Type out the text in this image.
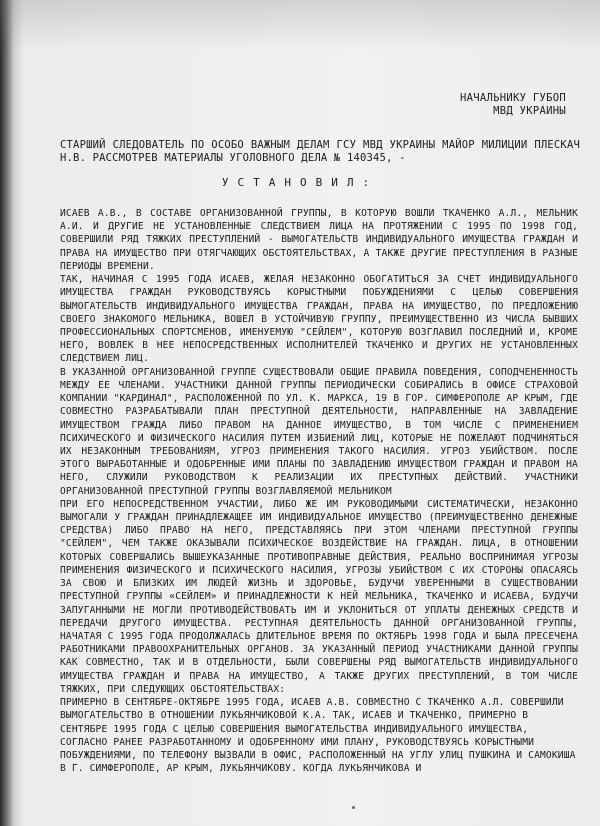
НАЧАЛЬНИКУ ГУБОП
МВД УКРАИНЫ
СТАРШИЙ СЛЕДОВАТЕЛЬ ПО ОСОБО ВАЖНЫМ ДЕЛАМ ГСУ МВД УКРАИНЫ МАЙОР МИЛИЦИИ ПЛЕСКАЧ Н.В. РАССМОТРЕВ МАТЕРИАЛЫ УГОЛОВНОГО ДЕЛА № 140345, -
УСТАНОВИЛ:

ИСАЕВ А.В., В СОСТАВЕ ОРГАНИЗОВАННОЙ ГРУППЫ, В КОТОРУЮ ВОШЛИ ТКАЧЕНКО А.Л., МЕЛЬНИК А.И. И ДРУГИЕ НЕ УСТАНОВЛЕННЫЕ СЛЕДСТВИЕМ ЛИЦА НА ПРОТЯЖЕНИИ С 1995 ПО 1998 ГОД, СОВЕРШИЛИ РЯД ТЯЖКИХ ПРЕСТУПЛЕНИЙ - ВЫМОГАТЕЛЬСТВ ИНДИВИДУАЛЬНОГО ИМУЩЕСТВА ГРАЖДАН И ПРАВА НА ИМУЩЕСТВО ПРИ ОТЯГЧАЮЩИХ ОБСТОЯТЕЛЬСТВАХ, А ТАКЖЕ ДРУГИЕ ПРЕСТУПЛЕНИЯ В РАЗНЫЕ ПЕРИОДЫ ВРЕМЕНИ.

ТАК, НАЧИНАЯ С 1995 ГОДА ИСАЕВ, ЖЕЛАЯ НЕЗАКОННО ОБОГАТИТЬСЯ ЗА СЧЕТ ИНДИВИДУАЛЬНОГО ИМУЩЕСТВА ГРАЖДАН РУКОВОДСТВУЯСЬ КОРЫСТНЫМИ ПОБУЖДЕНИЯМИ С ЦЕЛЬЮ СОВЕРШЕНИЯ ВЫМОГАТЕЛЬСТВ ИНДИВИДУАЛЬНОГО ИМУЩЕСТВА ГРАЖДАН, ПРАВА НА ИМУЩЕСТВО, ПО ПРЕДЛОЖЕНИЮ СВОЕГО ЗНАКОМОГО МЕЛЬНИКА, ВОШЕЛ В УСТОЙЧИВУЮ ГРУППУ, ПРЕИМУЩЕСТВЕННО ИЗ ЧИСЛА БЫВШИХ ПРОФЕССИОНАЛЬНЫХ СПОРТСМЕНОВ, ИМЕНУЕМУЮ "СЕЙЛЕМ", КОТОРУЮ ВОЗГЛАВИЛ ПОСЛЕДНИЙ И, КРОМЕ НЕГО, ВОВЛЕК В НЕЕ НЕПОСРЕДСТВЕННЫХ ИСПОЛНИТЕЛЕЙ ТКАЧЕНКО И ДРУГИХ НЕ УСТАНОВЛЕННЫХ СЛЕДСТВИЕМ ЛИЦ.

В УКАЗАННОЙ ОРГАНИЗОВАННОЙ ГРУППЕ СУЩЕСТВОВАЛИ ОБЩИЕ ПРАВИЛА ПОВЕДЕНИЯ, СОПОДЧЕНЕННОСТЬ МЕЖДУ ЕЕ ЧЛЕНАМИ. УЧАСТНИКИ ДАННОЙ ГРУППЫ ПЕРИОДИЧЕСКИ СОБИРАЛИСЬ В ОФИСЕ СТРАХОВОЙ КОМПАНИИ "КАРДИНАЛ", РАСПОЛОЖЕННОЙ ПО УЛ. К. МАРКСА, 19 В ГОР. СИМФЕРОПОЛЕ АР КРЫМ, ГДЕ СОВМЕСТНО РАЗРАБАТЫВАЛИ ПЛАН ПРЕСТУПНОЙ ДЕЯТЕЛЬНОСТИ, НАПРАВЛЕННЫЕ НА ЗАВЛАДЕНИЕ ИМУЩЕСТВОМ ГРАЖДА ЛИБО ПРАВОМ НА ДАННОЕ ИМУЩЕСТВО, В ТОМ ЧИСЛЕ С ПРИМЕНЕНИЕМ ПСИХИЧЕСКОГО И ФИЗИЧЕСКОГО НАСИЛИЯ ПУТЕМ ИЗБИЕНИЙ ЛИЦ, КОТОРЫЕ НЕ ПОЖЕЛАЮТ ПОДЧИНЯТЬСЯ ИХ НЕЗАКОННЫМ ТРЕБОВАНИЯМ, УГРОЗ ПРИМЕНЕНИЯ ТАКОГО НАСИЛИЯ. УГРОЗ УБИЙСТВОМ. ПОСЛЕ ЭТОГО ВЫРАБОТАННЫЕ И ОДОБРЕННЫЕ ИМИ ПЛАНЫ ПО ЗАВЛАДЕНИЮ ИМУЩЕСТВОМ ГРАЖДАН И ПРАВОМ НА НЕГО, СЛУЖИЛИ РУКОВОДСТВОМ К РЕАЛИЗАЦИИ ИХ ПРЕСТУПНЫХ ДЕЙСТВИЙ. УЧАСТНИКИ ОРГАНИЗОВАННОЙ ПРЕСТУПНОЙ ГРУППЫ ВОЗГЛАВЛЯЕМОЙ МЕЛЬНИКОМ

ПРИ ЕГО НЕПОСРЕДСТВЕННОМ УЧАСТИИ, ЛИБО ЖЕ ИМ РУКОВОДИМЫМИ СИСТЕМАТИЧЕСКИ, НЕЗАКОННО ВЫМОГАЛИ У ГРАЖДАН ПРИНАДЛЕЖАЩЕЕ ИМ ИНДИВИДУАЛЬНОЕ ИМУЩЕСТВО (ПРЕИМУЩЕСТВЕННО ДЕНЕЖНЫЕ СРЕДСТВА) ЛИБО ПРАВО НА НЕГО, ПРЕДСТАВЛЯЯСЬ ПРИ ЭТОМ ЧЛЕНАМИ ПРЕСТУПНОЙ ГРУППЫ "СЕЙЛЕМ", ЧЕМ ТАКЖЕ ОКАЗЫВАЛИ ПСИХИЧЕСКОЕ ВОЗДЕЙСТВИЕ НА ГРАЖДАН. ЛИЦА, В ОТНОШЕНИИ КОТОРЫХ СОВЕРШАЛИСЬ ВЫШЕУКАЗАННЫЕ ПРОТИВОПРАВНЫЕ ДЕЙСТВИЯ, РЕАЛЬНО ВОСПРИНИМАЯ УГРОЗЫ ПРИМЕНЕНИЯ ФИЗИЧЕСКОГО И ПСИХИЧЕСКОГО НАСИЛИЯ, УГРОЗЫ УБИЙСТВОМ С ИХ СТОРОНЫ ОПАСАЯСЬ ЗА СВОЮ И БЛИЗКИХ ИМ ЛЮДЕЙ ЖИЗНЬ И ЗДОРОВЬЕ, БУДУЧИ УВЕРЕННЫМИ В СУЩЕСТВОВАНИИ ПРЕСТУПНОЙ ГРУППЫ «СЕЙЛЕМ» И ПРИНАДЛЕЖНОСТИ К НЕЙ МЕЛЬНИКА, ТКАЧЕНКО И ИСАЕВА, БУДУЧИ ЗАПУГАННЫМИ НЕ МОГЛИ ПРОТИВОДЕЙСТВОВАТЬ ИМ И УКЛОНИТЬСЯ ОТ УПЛАТЫ ДЕНЕЖНЫХ СРЕДСТВ И ПЕРЕДАЧИ ДРУГОГО ИМУЩЕСТВА. РЕСТУПНАЯ ДЕЯТЕЛЬНОСТЬ ДАННОЙ ОРГАНИЗОВАННОЙ ГРУППЫ, НАЧАТАЯ С 1995 ГОДА ПРОДОЛЖАЛАСЬ ДЛИТЕЛЬНОЕ ВРЕМЯ ПО ОКТЯБРЬ 1998 ГОДА И БЫЛА ПРЕСЕЧЕНА РАБОТНИКАМИ ПРАВООХРАНИТЕЛЬНЫХ ОРГАНОВ. ЗА УКАЗАННЫЙ ПЕРИОД УЧАСТНИКАМИ ДАННОЙ ГРУППЫ КАК СОВМЕСТНО, ТАК И В ОТДЕЛЬНОСТИ, БЫЛИ СОВЕРШЕНЫ РЯД ВЫМОГАТЕЛЬСТВ ИНДИВИДУАЛЬНОГО ИМУЩЕСТВА ГРАЖДАН И ПРАВА НА ИМУЩЕСТВО, А ТАКЖЕ ДРУГИХ ПРЕСТУПЛЕНИЙ, В ТОМ ЧИСЛЕ ТЯЖКИХ, ПРИ СЛЕДУЮЩИХ ОБСТОЯТЕЛЬСТВАХ:

ПРИМЕРНО В СЕНТЯБРЕ-ОКТЯБРЕ 1995 ГОДА, ИСАЕВ А.В. СОВМЕСТНО С ТКАЧЕНКО А.Л. СОВЕРШИЛИ ВЫМОГАТЕЛЬСТВО В ОТНОШЕНИИ ЛУКЬЯНЧИКОВОЙ К.А. ТАК, ИСАЕВ И ТКАЧЕНКО, ПРИМЕРНО В СЕНТЯБРЕ 1995 ГОДА С ЦЕЛЬЮ СОВЕРШЕНИЯ ВЫМОГАТЕЛЬСТВА ИНДИВИДУАЛЬНОГО ИМУЩЕСТВА, СОГЛАСНО РАНЕЕ РАЗРАБОТАННОМУ И ОДОБРЕННОМУ ИМИ ПЛАНУ, РУКОВОДСТВУЯСЬ КОРЫСТНЫМИ ПОБУЖДЕНИЯМИ, ПО ТЕЛЕФОНУ ВЫЗВАЛИ В ОФИС, РАСПОЛОЖЕННЫЙ НА УГЛУ УЛИЦ ПУШКИНА И САМОКИША В Г. СИМФЕРОПОЛЕ, АР КРЫМ, ЛУКЬЯНЧИКОВУ. КОГДА ЛУКЬЯНЧИКОВА И
